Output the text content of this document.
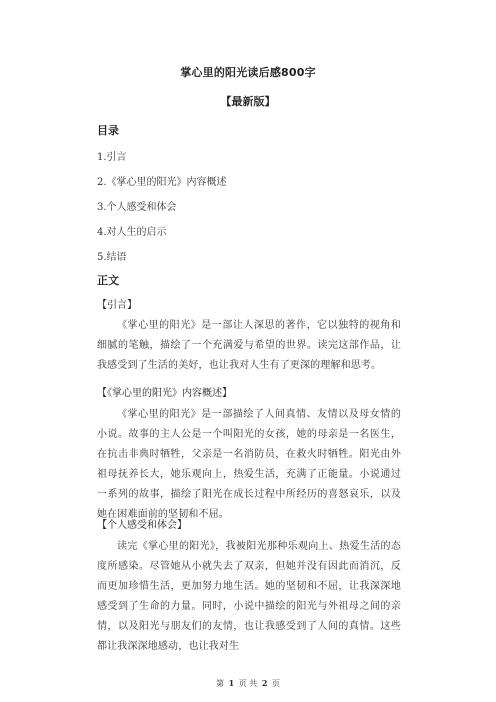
掌心里的阳光读后感800字
【最新版】
目录
1.引言
2.《掌心里的阳光》内容概述
3.个人感受和体会
4.对人生的启示
5.结语
正文
【引言】
《掌心里的阳光》是一部让人深思的著作，它以独特的视角和细腻的笔触，描绘了一个充满爱与希望的世界。读完这部作品，让我感受到了生活的美好，也让我对人生有了更深的理解和思考。
【《掌心里的阳光》内容概述】
《掌心里的阳光》是一部描绘了人间真情、友情以及母女情的小说。故事的主人公是一个叫阳光的女孩，她的母亲是一名医生，在抗击非典时牺牲，父亲是一名消防员，在救火时牺牲。阳光由外祖母抚养长大，她乐观向上，热爱生活，充满了正能量。小说通过一系列的故事，描绘了阳光在成长过程中所经历的喜怒哀乐，以及她在困难面前的坚韧和不屈。
【个人感受和体会】
读完《掌心里的阳光》，我被阳光那种乐观向上、热爱生活的态度所感染。尽管她从小就失去了双亲，但她并没有因此而消沉，反而更加珍惜生活，更加努力地生活。她的坚韧和不屈，让我深深地感受到了生命的力量。同时，小说中描绘的阳光与外祖母之间的亲情，以及阳光与朋友们的友情，也让我感受到了人间的真情。这些都让我深深地感动，也让我对生
第 1 页 共 2 页
